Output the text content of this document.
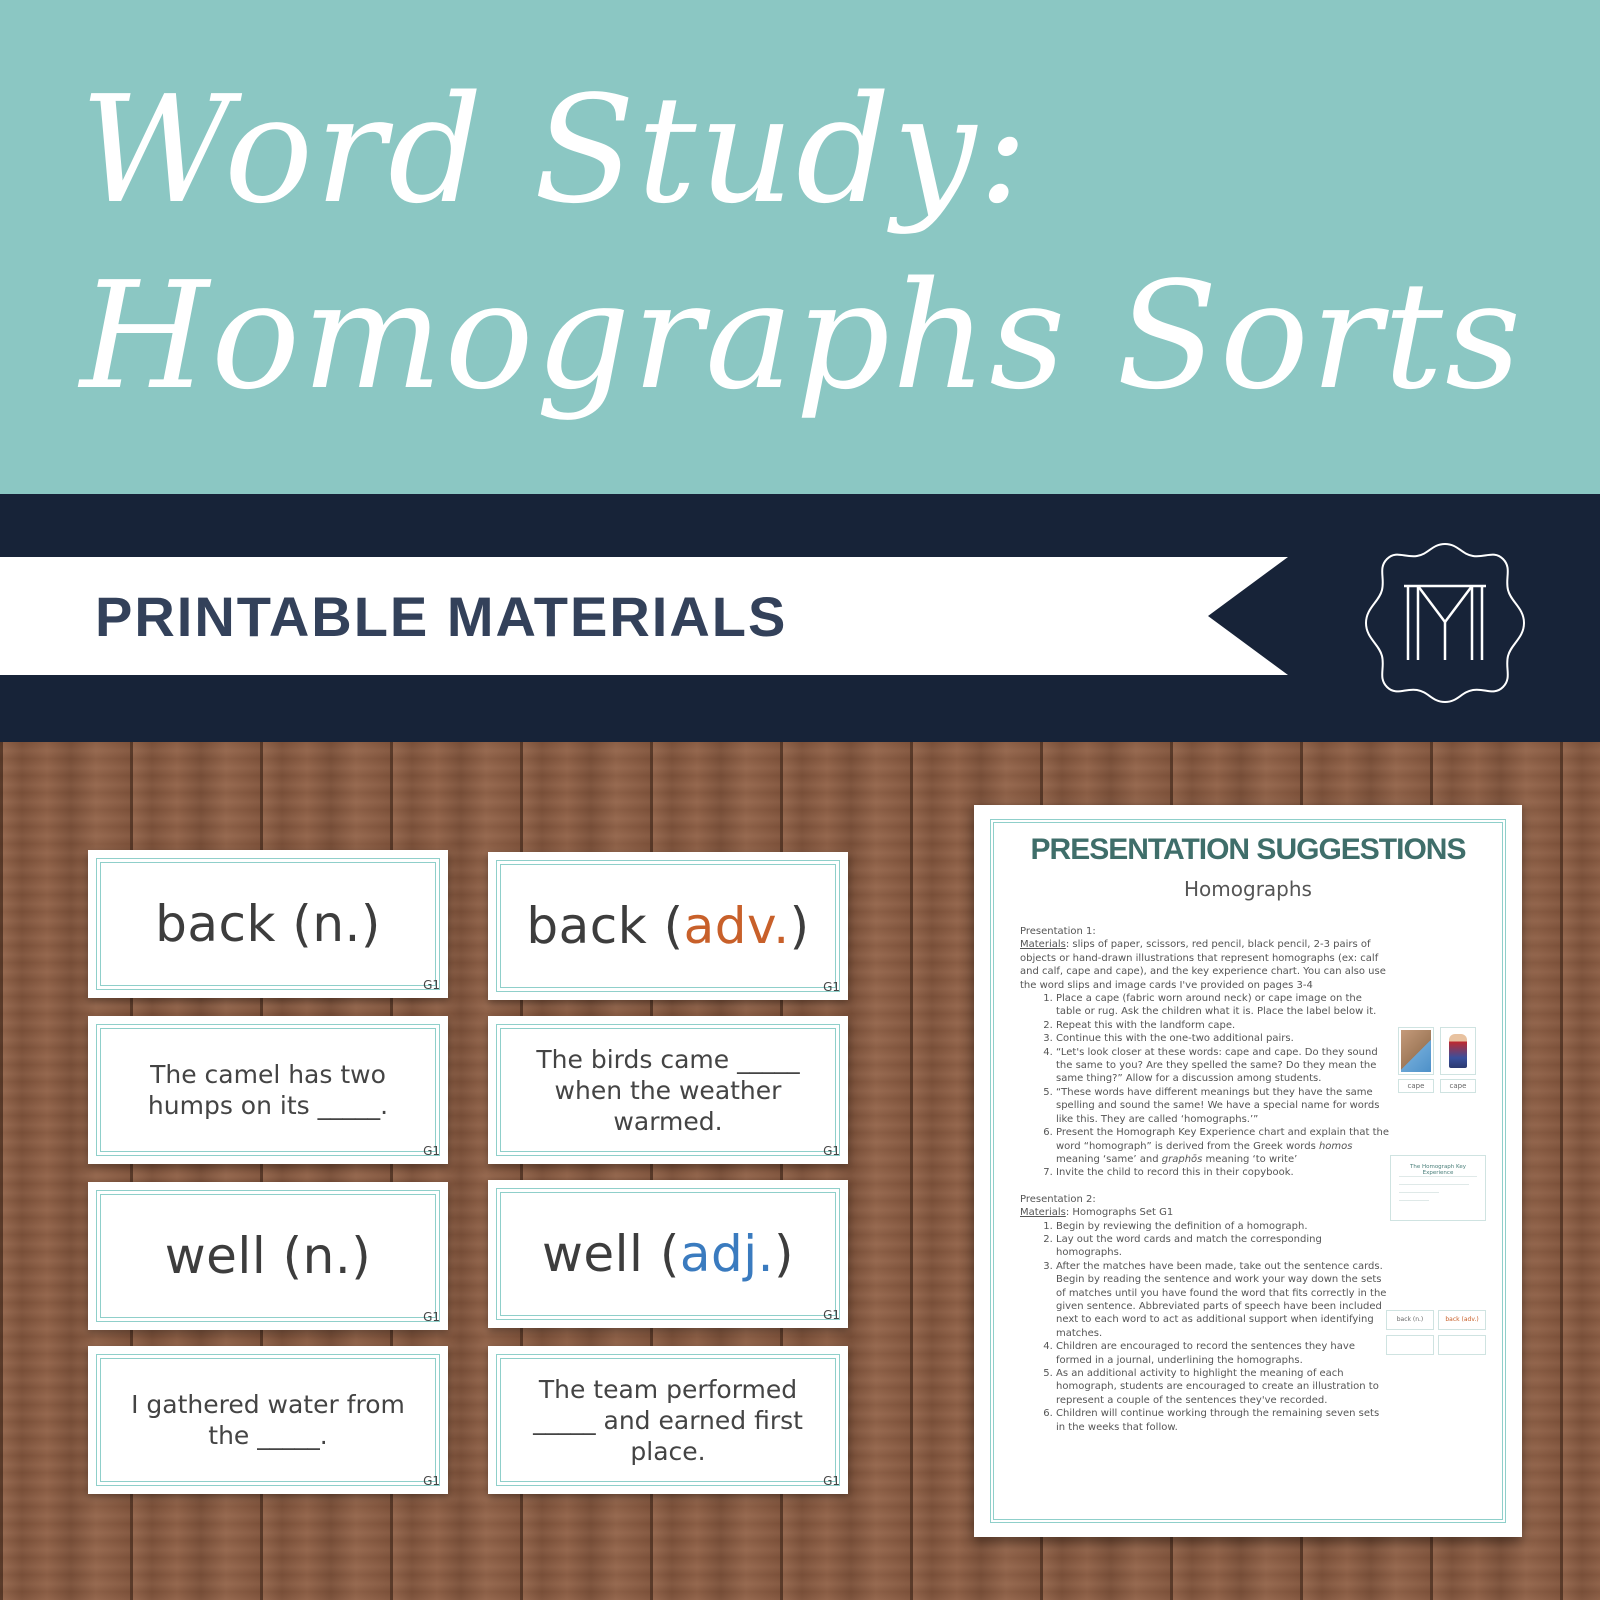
Word Study:
Homographs Sorts
PRINTABLE MATERIALS
back (n.)
G1
back (adv.)
G1
The camel has two humps on its _____.
G1
The birds came _____ when the weather warmed.
G1
well (n.)
G1
well (adj.)
G1
I gathered water from the _____.
G1
The team performed _____ and earned first place.
G1
PRESENTATION SUGGESTIONS
Homographs

Presentation 1:

Materials: slips of paper, scissors, red pencil, black pencil, 2-3 pairs of objects or hand-drawn illustrations that represent homographs (ex: calf and calf, cape and cape), and the key experience chart. You can also use the word slips and image cards I've provided on pages 3-4

1. Place a cape (fabric worn around neck) or cape image on the table or rug. Ask the children what it is. Place the label below it.
2. Repeat this with the landform cape.
3. Continue this with the one-two additional pairs.
4. “Let's look closer at these words: cape and cape. Do they sound the same to you? Are they spelled the same? Do they mean the same thing?” Allow for a discussion among students.
5. “These words have different meanings but they have the same spelling and sound the same! We have a special name for words like this. They are called ‘homographs.’”
6. Present the Homograph Key Experience chart and explain that the word “homograph” is derived from the Greek words homos meaning ‘same’ and graphōs meaning ‘to write’
7. Invite the child to record this in their copybook.

Presentation 2:

Materials: Homographs Set G1

1. Begin by reviewing the definition of a homograph.
2. Lay out the word cards and match the corresponding homographs.
3. After the matches have been made, take out the sentence cards. Begin by reading the sentence and work your way down the sets of matches until you have found the word that fits correctly in the given sentence. Abbreviated parts of speech have been included next to each word to act as additional support when identifying matches.
4. Children are encouraged to record the sentences they have formed in a journal, underlining the homographs.
5. As an additional activity to highlight the meaning of each homograph, students are encouraged to create an illustration to represent a couple of the sentences they've recorded.
6. Children will continue working through the remaining seven sets in the weeks that follow.
cape	cape
The Homograph Key Experience
back (n.)	back (adv.)
